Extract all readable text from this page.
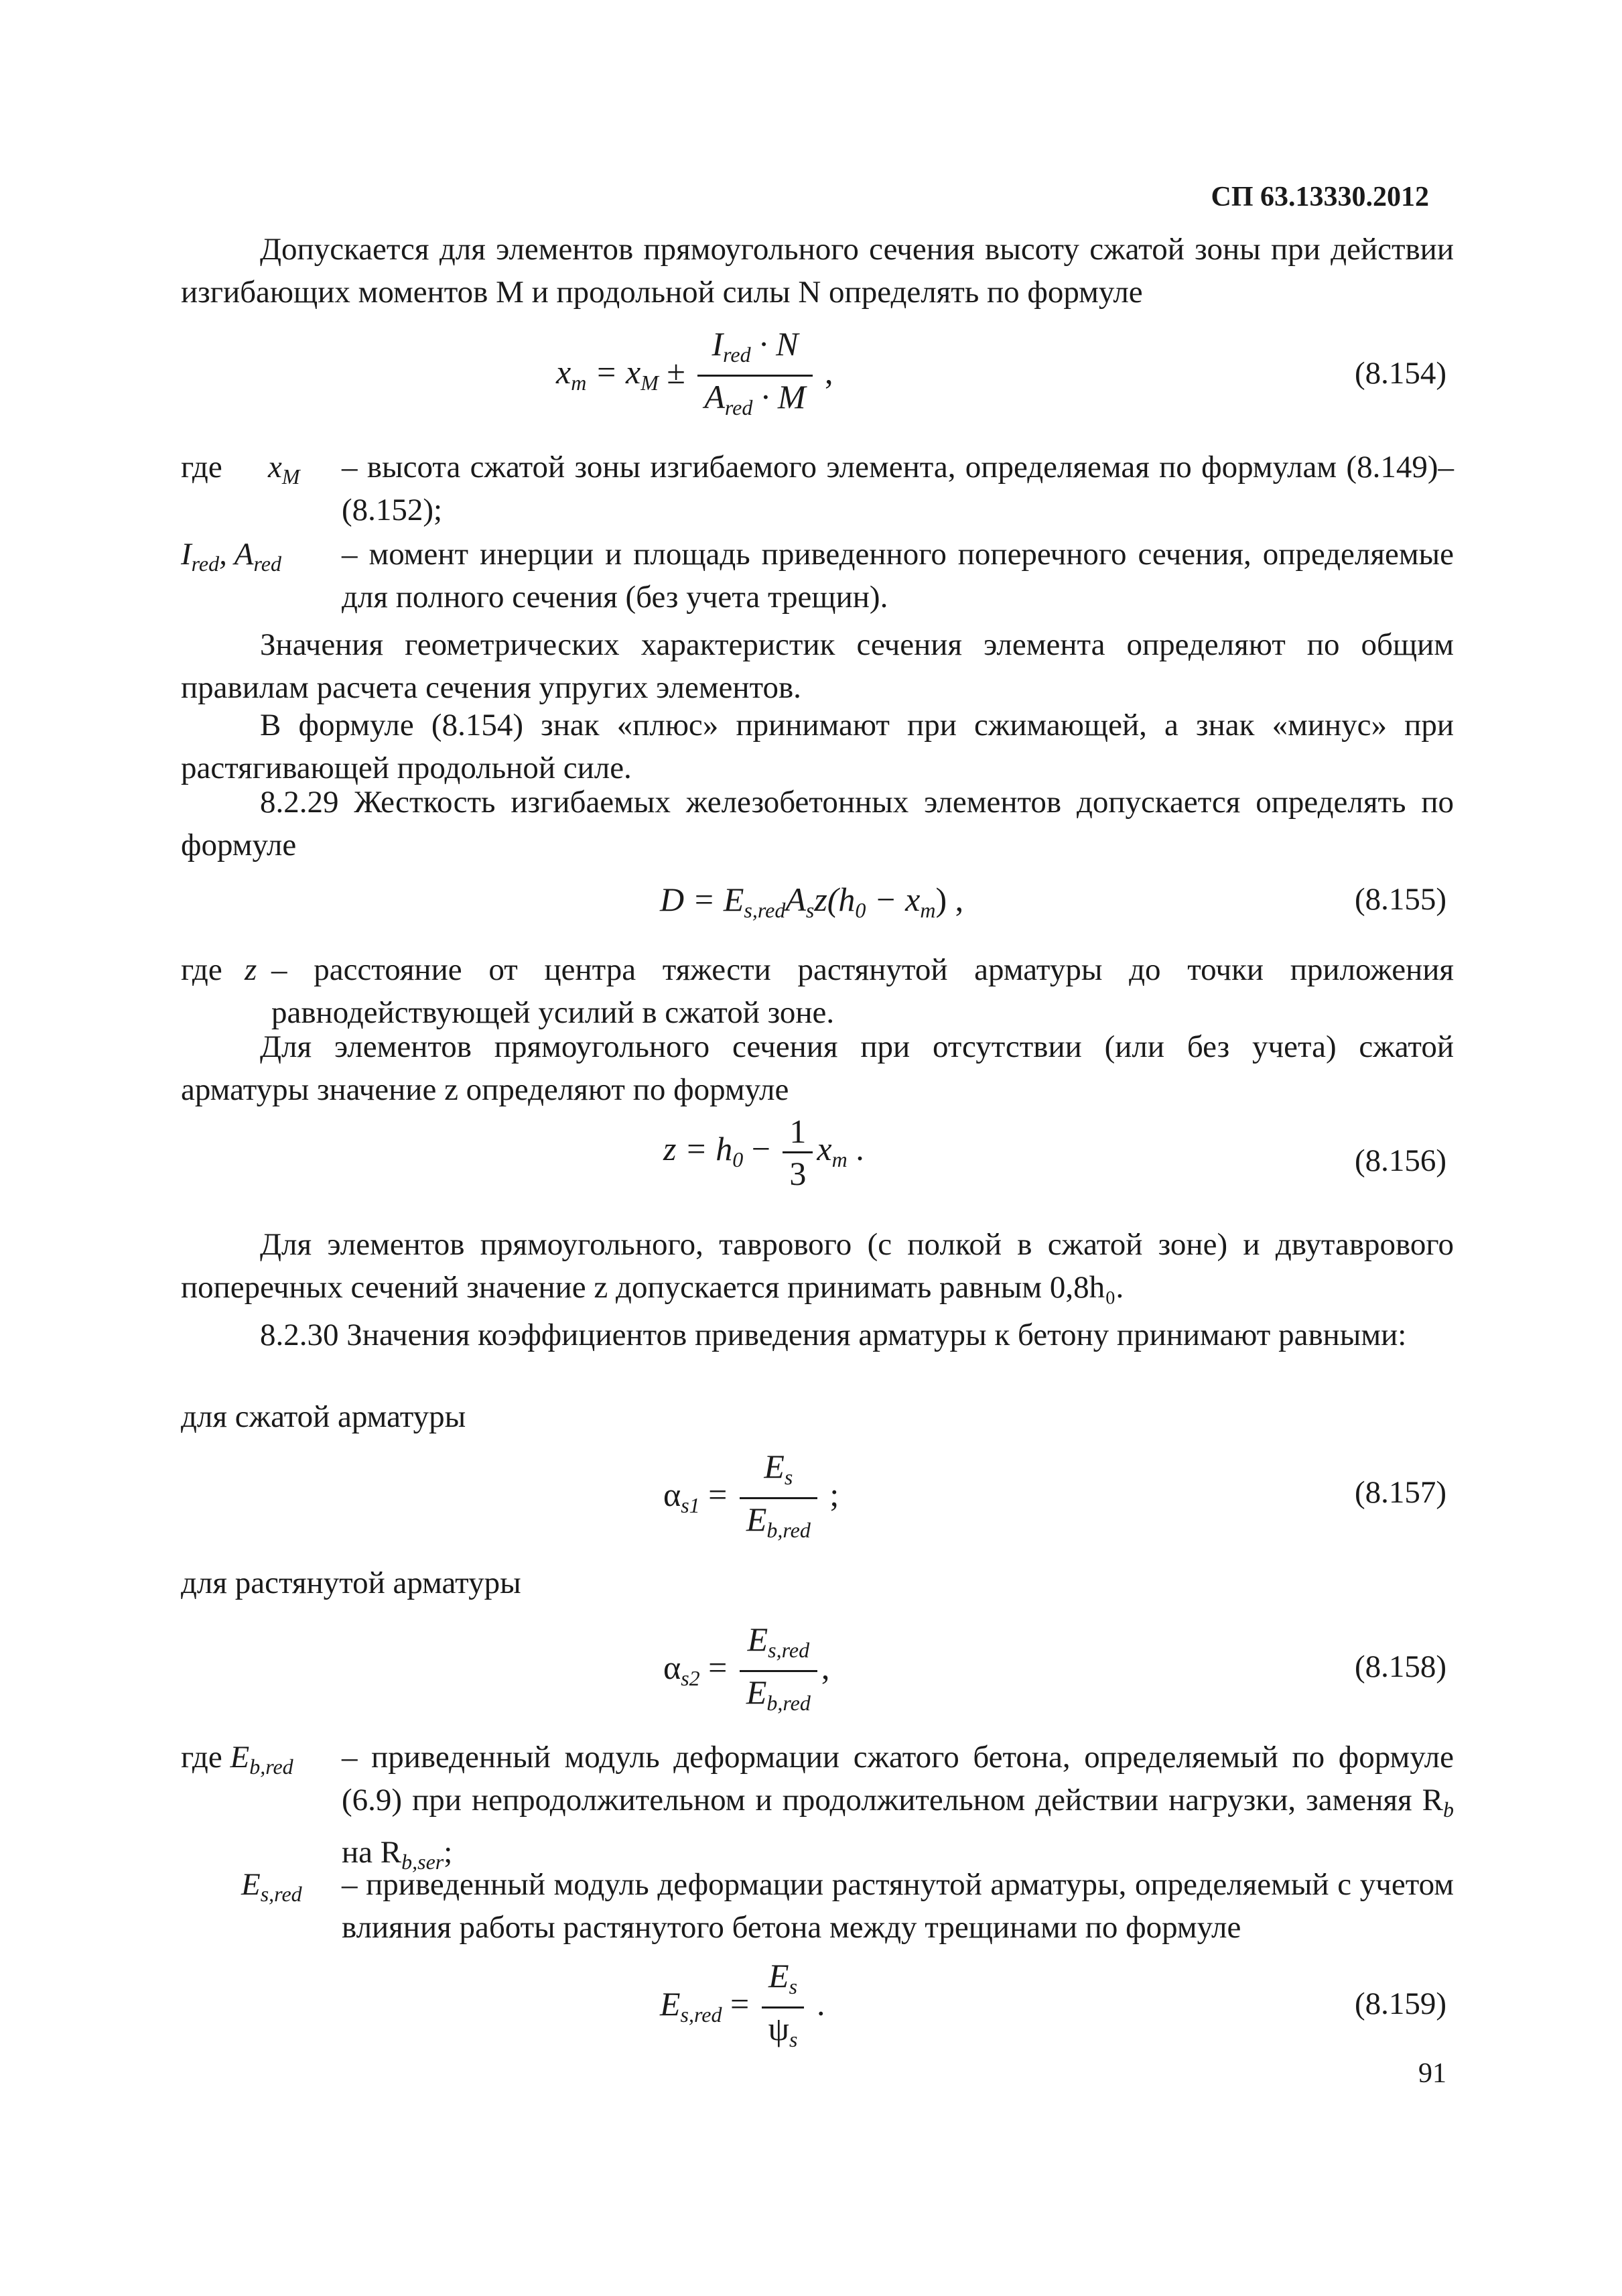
СП 63.13330.2012
Допускается для элементов прямоугольного сечения высоту сжатой зоны при действии изгибающих моментов M и продольной силы N определять по формуле
$x_m = x_M \pm \frac{I_{red} \cdot N}{A_{red} \cdot M}$ ,	(8.154)
где	$x_M$	– высота сжатой зоны изгибаемого элемента, определяемая по формулам (8.149)–(8.152);
$I_{red}$, $A_{red}$	– момент инерции и площадь приведенного поперечного сечения, определяемые для полного сечения (без учета трещин).
Значения геометрических характеристик сечения элемента определяют по общим правилам расчета сечения упругих элементов.
В формуле (8.154) знак «плюс» принимают при сжимающей, а знак «минус» при растягивающей продольной силе.
8.2.29 Жесткость изгибаемых железобетонных элементов допускается определять по формуле
$D = E_{s,red}A_sz(h_0 - x_m)$ ,	(8.155)
где z – расстояние от центра тяжести растянутой арматуры до точки приложения равнодействующей усилий в сжатой зоне.
Для элементов прямоугольного сечения при отсутствии (или без учета) сжатой арматуры значение z определяют по формуле
$z = h_0 - \frac{1}{3} x_m$ .	(8.156)
Для элементов прямоугольного, таврового (с полкой в сжатой зоне) и двутаврового поперечных сечений значение z допускается принимать равным 0,8h₀.
8.2.30 Значения коэффициентов приведения арматуры к бетону принимают равными:
для сжатой арматуры
$\alpha_{s1} = \frac{E_s}{E_{b,red}}$ ;	(8.157)
для растянутой арматуры
$\alpha_{s2} = \frac{E_{s,red}}{E_{b,red}}$ ,	(8.158)
где $E_{b,red}$	– приведенный модуль деформации сжатого бетона, определяемый по формуле (6.9) при непродолжительном и продолжительном действии нагрузки, заменяя $R_b$ на $R_{b,ser}$;
$E_{s,red}$	– приведенный модуль деформации растянутой арматуры, определяемый с учетом влияния работы растянутого бетона между трещинами по формуле
$E_{s,red} = \frac{E_s}{\psi_s}$ .	(8.159)
91
